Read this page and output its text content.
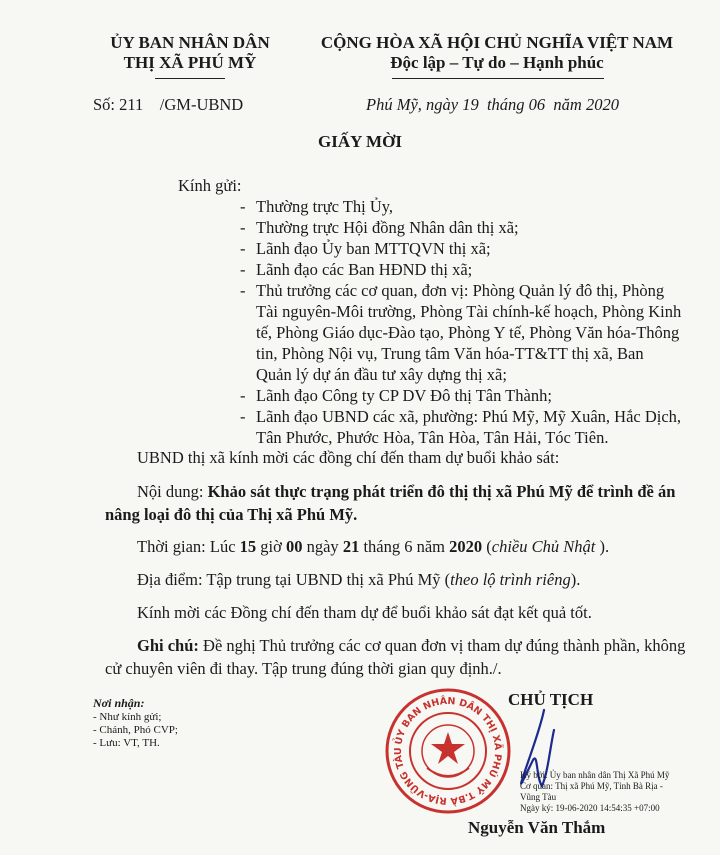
ỦY BAN NHÂN DÂN
THỊ XÃ PHÚ MỸ
CỘNG HÒA XÃ HỘI CHỦ NGHĨA VIỆT NAM
Độc lập – Tự do – Hạnh phúc
Số: 211    /GM-UBND	Phú Mỹ, ngày 19  tháng 06  năm 2020
GIẤY MỜI
Kính gửi:
- Thường trực Thị Ủy,
- Thường trực Hội đồng Nhân dân thị xã;
- Lãnh đạo Ủy ban MTTQVN thị xã;
- Lãnh đạo các Ban HĐND thị xã;
- Thủ trưởng các cơ quan, đơn vị: Phòng Quản lý đô thị, Phòng Tài nguyên-Môi trường, Phòng Tài chính-kế hoạch, Phòng Kinh tế, Phòng Giáo dục-Đào tạo, Phòng Y tế, Phòng Văn hóa-Thông tin, Phòng Nội vụ, Trung tâm Văn hóa-TT&TT thị xã, Ban Quản lý dự án đầu tư xây dựng thị xã;
- Lãnh đạo Công ty CP DV Đô thị Tân Thành;
- Lãnh đạo UBND các xã, phường: Phú Mỹ, Mỹ Xuân, Hắc Dịch, Tân Phước, Phước Hòa, Tân Hòa, Tân Hải, Tóc Tiên.
UBND thị xã kính mời các đồng chí đến tham dự buổi khảo sát:
Nội dung: Khảo sát thực trạng phát triển đô thị thị xã Phú Mỹ để trình đề án nâng loại đô thị của Thị xã Phú Mỹ.
Thời gian: Lúc 15 giờ 00 ngày 21 tháng 6 năm 2020 (chiều Chủ Nhật ).
Địa điểm: Tập trung tại UBND thị xã Phú Mỹ (theo lộ trình riêng).
Kính mời các Đồng chí đến tham dự để buổi khảo sát đạt kết quả tốt.
Ghi chú: Đề nghị Thủ trưởng các cơ quan đơn vị tham dự đúng thành phần, không cử chuyên viên đi thay. Tập trung đúng thời gian quy định./.
Nơi nhận:
- Như kính gửi;
- Chánh, Phó CVP;
- Lưu: VT, TH.
CHỦ TỊCH
ỦY BAN NHÂN DÂN THỊ XÃ PHÚ MỸ T.BÀ RỊA-VŨNG TÀU
Ký bởi: Ủy ban nhân dân Thị Xã Phú Mỹ
Cơ quan: Thị xã Phú Mỹ, Tỉnh Bà Rịa -
Vũng Tàu
Ngày ký: 19-06-2020 14:54:35 +07:00
Nguyễn Văn Thắm
